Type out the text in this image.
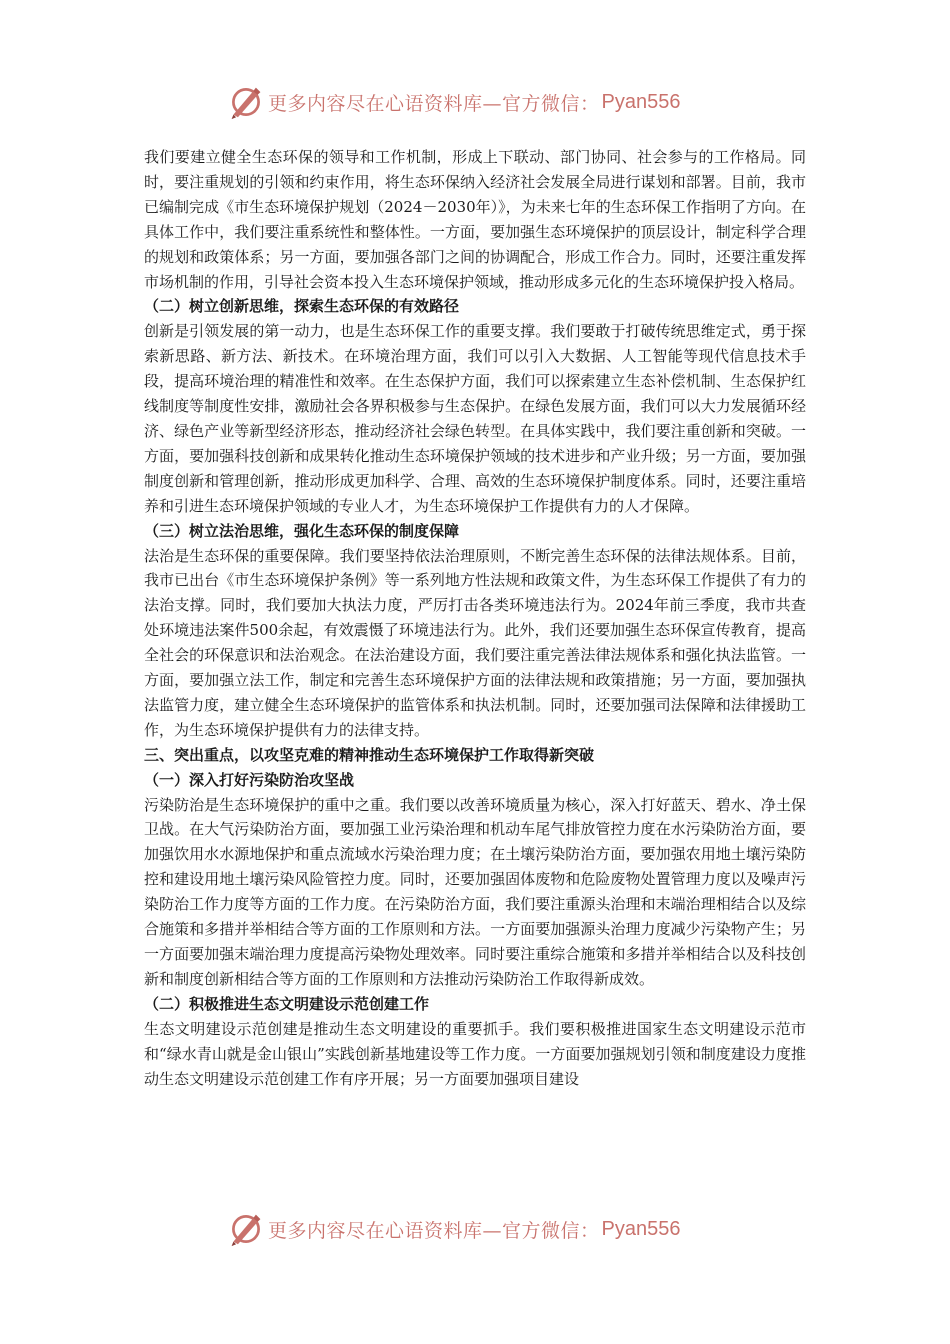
更多内容尽在心语资料库—官方微信： Pyan556

我们要建立健全生态环保的领导和工作机制，形成上下联动、部门协同、社会参与的工作格局。同时，要注重规划的引领和约束作用，将生态环保纳入经济社会发展全局进行谋划和部署。目前，我市已编制完成《市生态环境保护规划（2024－2030年）》，为未来七年的生态环保工作指明了方向。在具体工作中，我们要注重系统性和整体性。一方面，要加强生态环境保护的顶层设计，制定科学合理的规划和政策体系；另一方面，要加强各部门之间的协调配合，形成工作合力。同时，还要注重发挥市场机制的作用，引导社会资本投入生态环境保护领域，推动形成多元化的生态环境保护投入格局。

（二）树立创新思维，探索生态环保的有效路径

创新是引领发展的第一动力，也是生态环保工作的重要支撑。我们要敢于打破传统思维定式，勇于探索新思路、新方法、新技术。在环境治理方面，我们可以引入大数据、人工智能等现代信息技术手段，提高环境治理的精准性和效率。在生态保护方面，我们可以探索建立生态补偿机制、生态保护红线制度等制度性安排，激励社会各界积极参与生态保护。在绿色发展方面，我们可以大力发展循环经济、绿色产业等新型经济形态，推动经济社会绿色转型。在具体实践中，我们要注重创新和突破。一方面，要加强科技创新和成果转化推动生态环境保护领域的技术进步和产业升级；另一方面，要加强制度创新和管理创新，推动形成更加科学、合理、高效的生态环境保护制度体系。同时，还要注重培养和引进生态环境保护领域的专业人才，为生态环境保护工作提供有力的人才保障。

（三）树立法治思维，强化生态环保的制度保障

法治是生态环保的重要保障。我们要坚持依法治理原则，不断完善生态环保的法律法规体系。目前，我市已出台《市生态环境保护条例》等一系列地方性法规和政策文件，为生态环保工作提供了有力的法治支撑。同时，我们要加大执法力度，严厉打击各类环境违法行为。2024年前三季度，我市共查处环境违法案件500余起，有效震慑了环境违法行为。此外，我们还要加强生态环保宣传教育，提高全社会的环保意识和法治观念。在法治建设方面，我们要注重完善法律法规体系和强化执法监管。一方面，要加强立法工作，制定和完善生态环境保护方面的法律法规和政策措施；另一方面，要加强执法监管力度，建立健全生态环境保护的监管体系和执法机制。同时，还要加强司法保障和法律援助工作，为生态环境保护提供有力的法律支持。

三、突出重点，以攻坚克难的精神推动生态环境保护工作取得新突破
（一）深入打好污染防治攻坚战

污染防治是生态环境保护的重中之重。我们要以改善环境质量为核心，深入打好蓝天、碧水、净土保卫战。在大气污染防治方面，要加强工业污染治理和机动车尾气排放管控力度在水污染防治方面，要加强饮用水水源地保护和重点流域水污染治理力度；在土壤污染防治方面，要加强农用地土壤污染防控和建设用地土壤污染风险管控力度。同时，还要加强固体废物和危险废物处置管理力度以及噪声污染防治工作力度等方面的工作力度。在污染防治方面，我们要注重源头治理和末端治理相结合以及综合施策和多措并举相结合等方面的工作原则和方法。一方面要加强源头治理力度减少污染物产生；另一方面要加强末端治理力度提高污染物处理效率。同时要注重综合施策和多措并举相结合以及科技创新和制度创新相结合等方面的工作原则和方法推动污染防治工作取得新成效。

（二）积极推进生态文明建设示范创建工作

生态文明建设示范创建是推动生态文明建设的重要抓手。我们要积极推进国家生态文明建设示范市和“绿水青山就是金山银山”实践创新基地建设等工作力度。一方面要加强规划引领和制度建设力度推动生态文明建设示范创建工作有序开展；另一方面要加强项目建设

更多内容尽在心语资料库—官方微信： Pyan556
